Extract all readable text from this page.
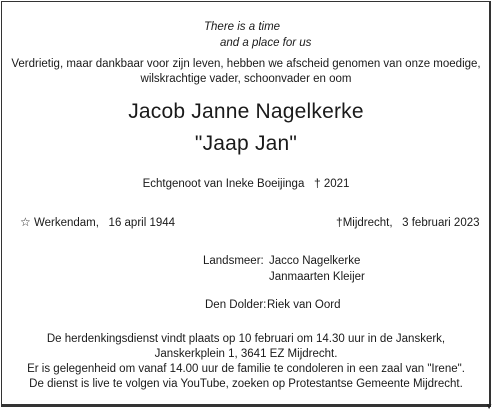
There is a time
and a place for us
Verdrietig, maar dankbaar voor zijn leven, hebben we afscheid genomen van onze moedige,
wilskrachtige vader, schoonvader en oom
Jacob Janne Nagelkerke
"Jaap Jan"
Echtgenoot van Ineke Boeijinga † 2021
☆ Werkendam, 16 april 1944	†Mijdrecht, 3 februari 2023
Landsmeer: Jacco Nagelkerke
Janmaarten Kleijer
Den Dolder: Riek van Oord
De herdenkingsdienst vindt plaats op 10 februari om 14.30 uur in de Janskerk,
Janskerkplein 1, 3641 EZ Mijdrecht.
Er is gelegenheid om vanaf 14.00 uur de familie te condoleren in een zaal van "Irene".
De dienst is live te volgen via YouTube, zoeken op Protestantse Gemeente Mijdrecht.
▼
